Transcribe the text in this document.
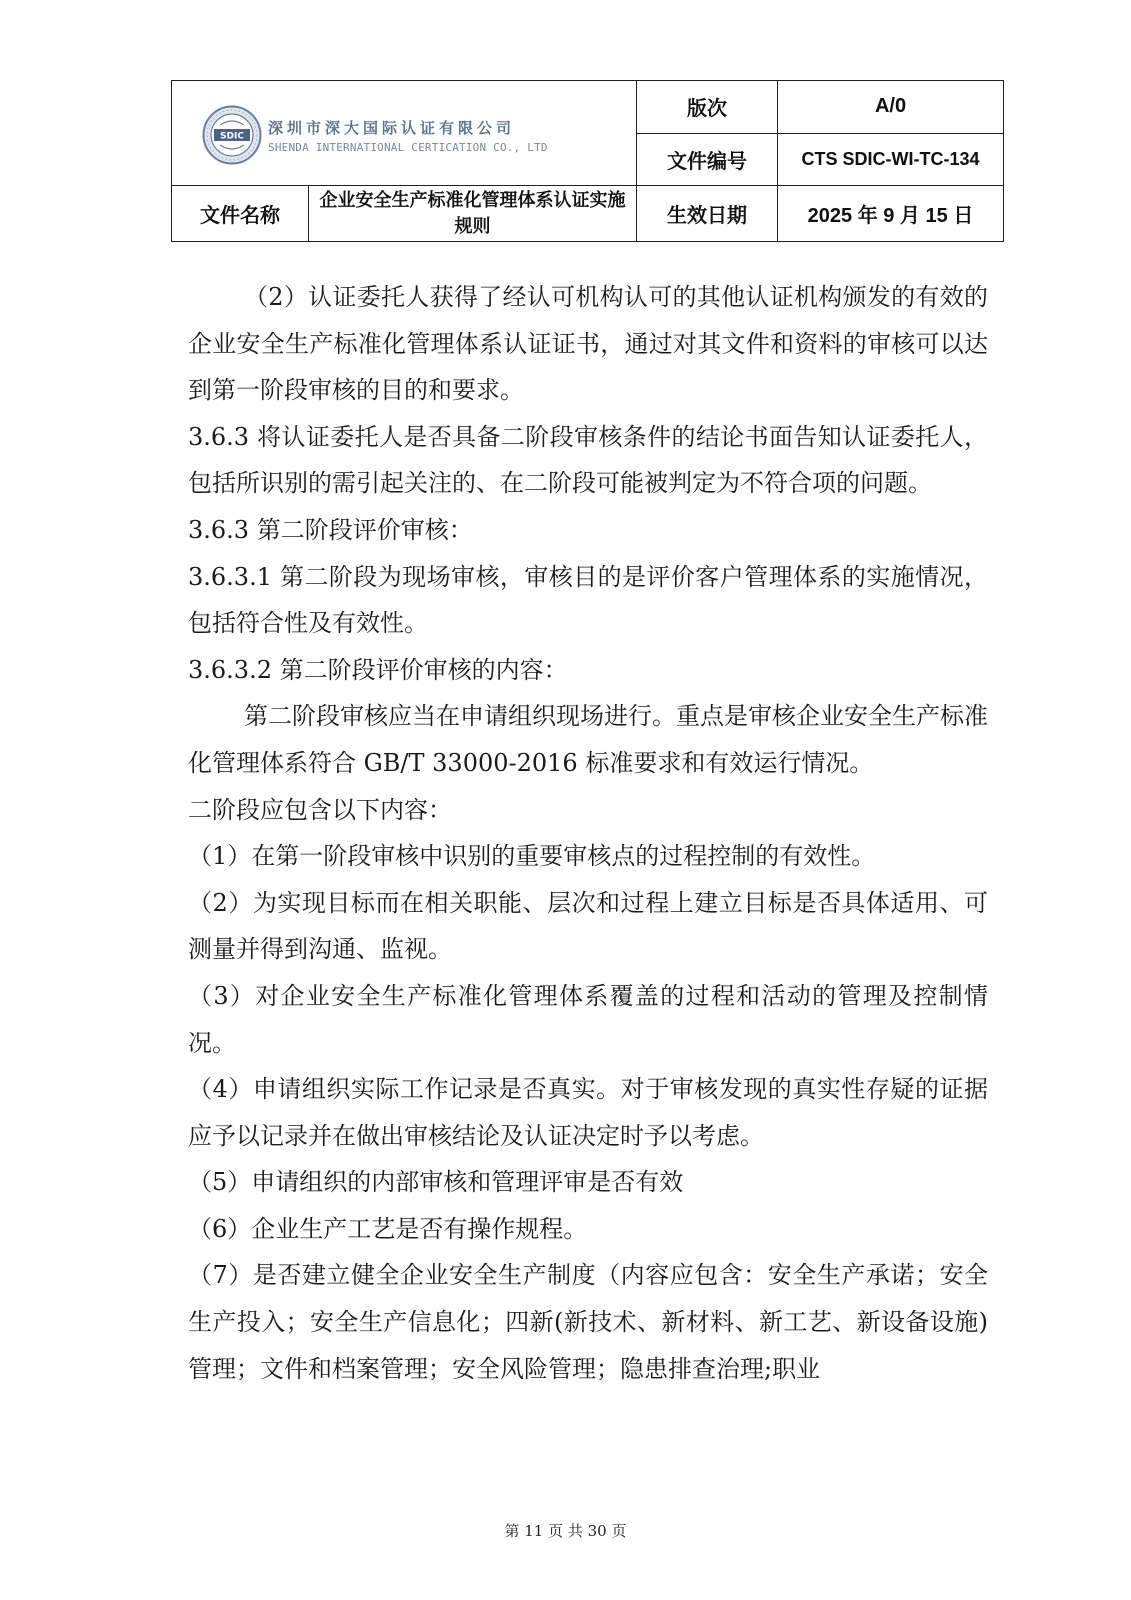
SDIC 深圳市深大国际认证有限公司
SHENDA INTERNATIONAL CERTICATION CO., LTD		版次	A/0
		文件编号	CTS SDIC-WI-TC-134
文件名称	企业安全生产标准化管理体系认证实施规则	生效日期	2025 年 9 月 15 日

（2）认证委托人获得了经认可机构认可的其他认证机构颁发的有效的企业安全生产标准化管理体系认证证书，通过对其文件和资料的审核可以达到第一阶段审核的目的和要求。

3.6.3 将认证委托人是否具备二阶段审核条件的结论书面告知认证委托人，包括所识别的需引起关注的、在二阶段可能被判定为不符合项的问题。

3.6.3 第二阶段评价审核：

3.6.3.1 第二阶段为现场审核，审核目的是评价客户管理体系的实施情况，包括符合性及有效性。

3.6.3.2 第二阶段评价审核的内容：

第二阶段审核应当在申请组织现场进行。重点是审核企业安全生产标准化管理体系符合 GB/T 33000-2016 标准要求和有效运行情况。

二阶段应包含以下内容：

（1）在第一阶段审核中识别的重要审核点的过程控制的有效性。

（2）为实现目标而在相关职能、层次和过程上建立目标是否具体适用、可测量并得到沟通、监视。

（3）对企业安全生产标准化管理体系覆盖的过程和活动的管理及控制情况。

（4）申请组织实际工作记录是否真实。对于审核发现的真实性存疑的证据应予以记录并在做出审核结论及认证决定时予以考虑。

（5）申请组织的内部审核和管理评审是否有效

（6）企业生产工艺是否有操作规程。

（7）是否建立健全企业安全生产制度（内容应包含：安全生产承诺；安全生产投入；安全生产信息化；四新(新技术、新材料、新工艺、新设备设施)管理；文件和档案管理；安全风险管理；隐患排查治理;职业

第 11 页 共 30 页
